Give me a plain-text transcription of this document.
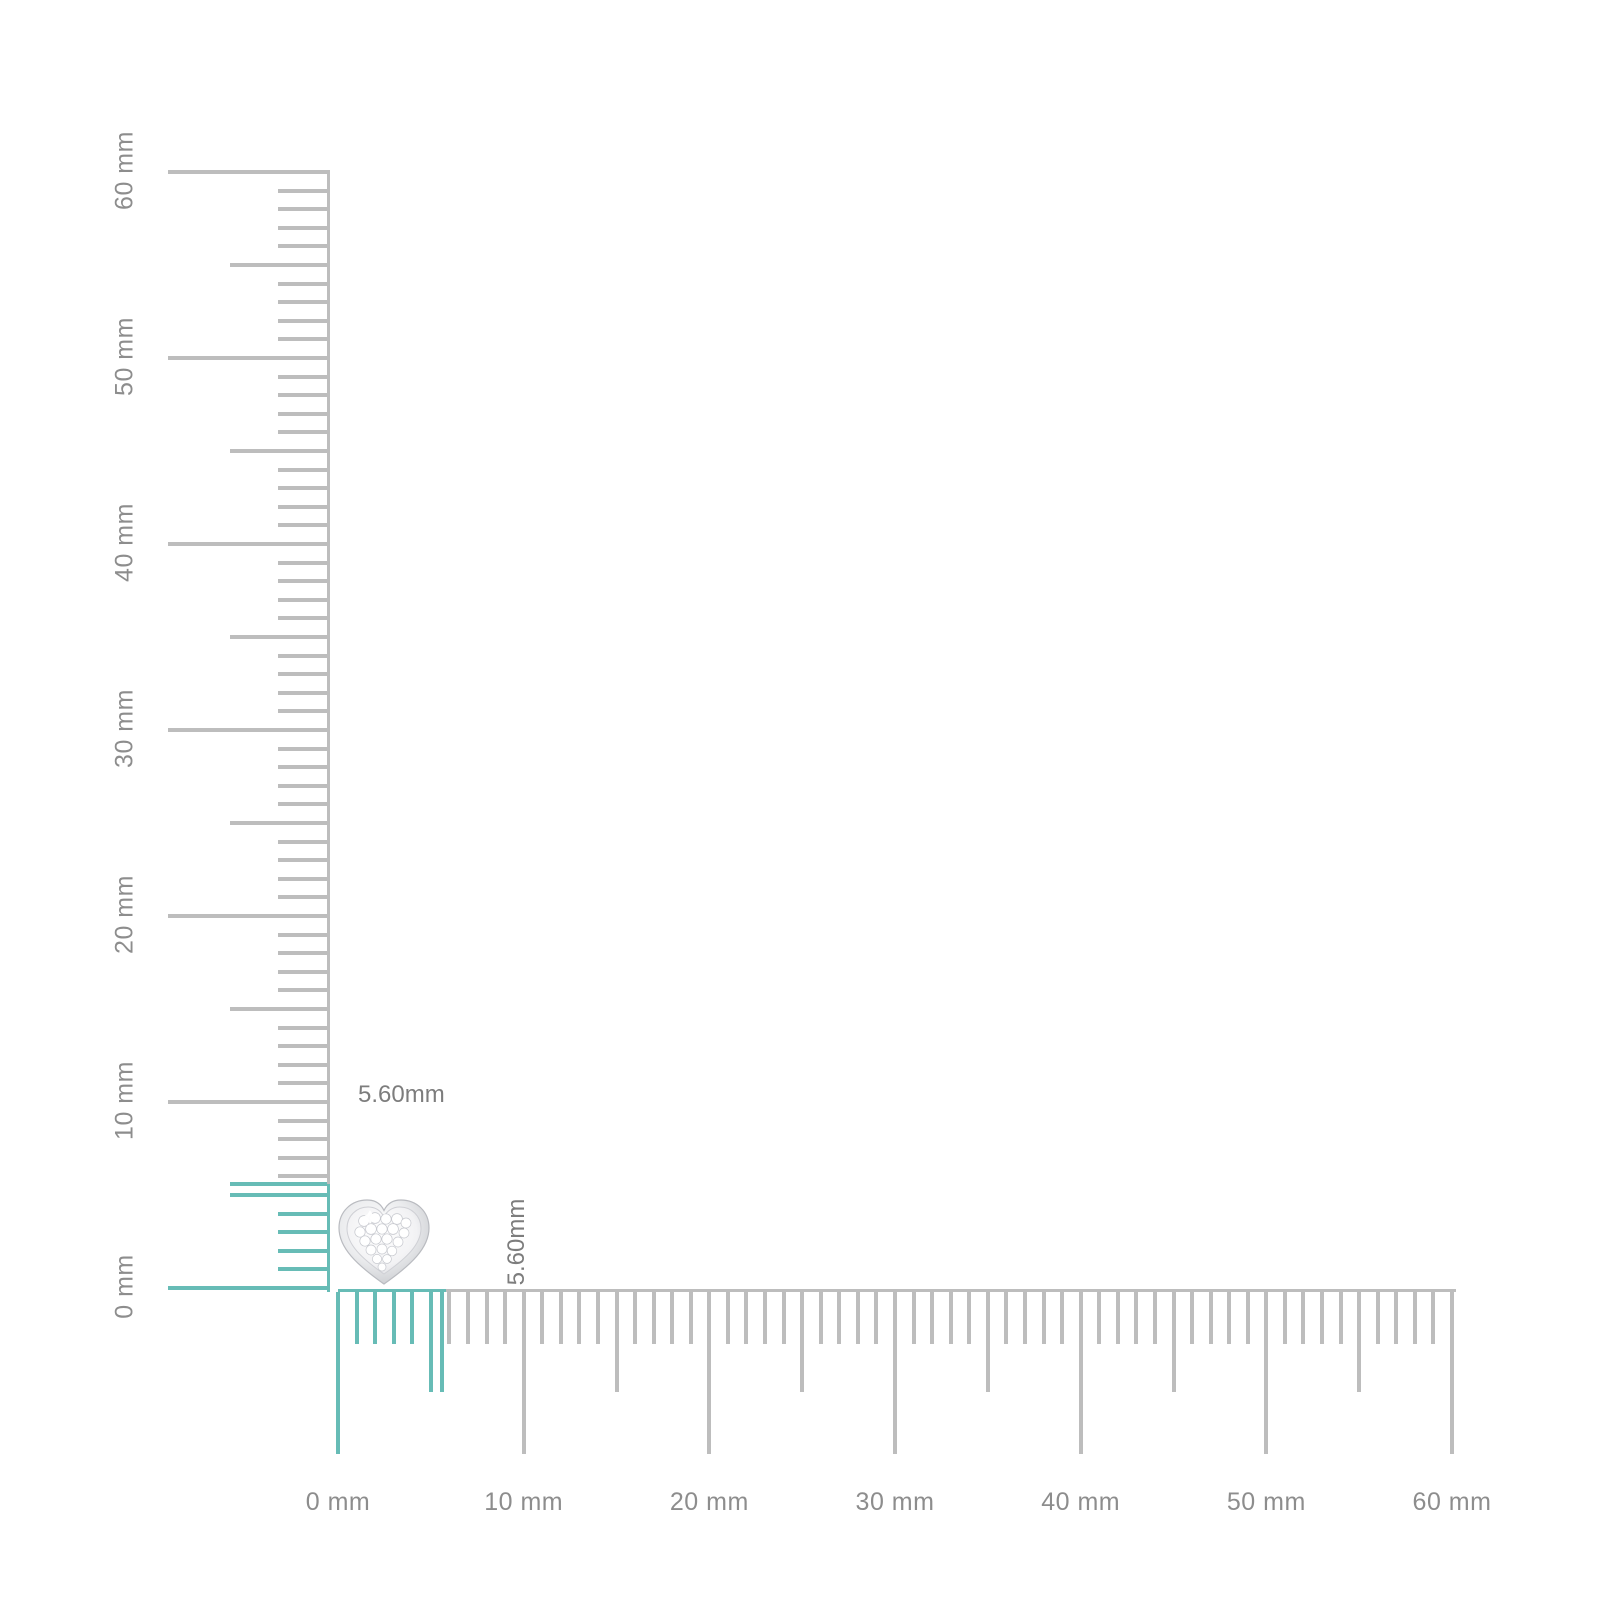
0 mm
10 mm
20 mm
30 mm
40 mm
50 mm
60 mm
0 mm	10 mm	20 mm	30 mm	40 mm	50 mm	60 mm
5.60mm
5.60mm
